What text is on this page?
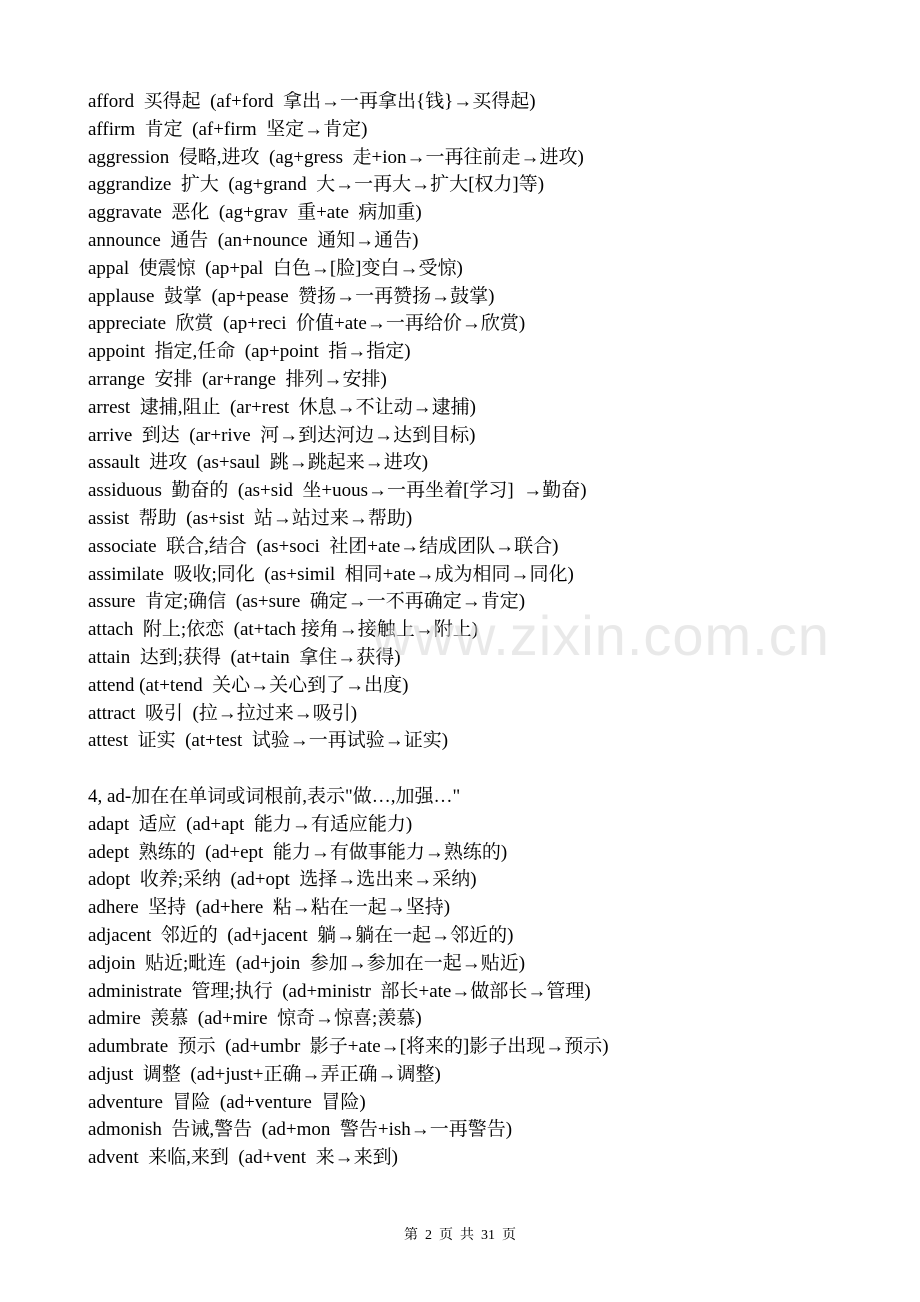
afford  买得起  (af+ford  拿出→一再拿出{钱}→买得起)
affirm  肯定  (af+firm  坚定→肯定)
aggression  侵略,进攻  (ag+gress  走+ion→一再往前走→进攻)
aggrandize  扩大  (ag+grand  大→一再大→扩大[权力]等)
aggravate  恶化  (ag+grav  重+ate  病加重)
announce  通告  (an+nounce  通知→通告)
appal  使震惊  (ap+pal  白色→[脸]变白→受惊)
applause  鼓掌  (ap+pease  赞扬→一再赞扬→鼓掌)
appreciate  欣赏  (ap+reci  价值+ate→一再给价→欣赏)
appoint  指定,任命  (ap+point  指→指定)
arrange  安排  (ar+range  排列→安排)
arrest  逮捕,阻止  (ar+rest  休息→不让动→逮捕)
arrive  到达  (ar+rive  河→到达河边→达到目标)
assault  进攻  (as+saul  跳→跳起来→进攻)
assiduous  勤奋的  (as+sid  坐+uous→一再坐着[学习]  →勤奋)
assist  帮助  (as+sist  站→站过来→帮助)
associate  联合,结合  (as+soci  社团+ate→结成团队→联合)
assimilate  吸收;同化  (as+simil  相同+ate→成为相同→同化)
assure  肯定;确信  (as+sure  确定→一不再确定→肯定)
attach  附上;依恋  (at+tach 接角→接触上→附上)
attain  达到;获得  (at+tain  拿住→获得)
attend (at+tend  关心→关心到了→出度)
attract  吸引  (拉→拉过来→吸引)
attest  证实  (at+test  试验→一再试验→证实)
4, ad-加在在单词或词根前,表示"做…,加强…"
adapt  适应  (ad+apt  能力→有适应能力)
adept  熟练的  (ad+ept  能力→有做事能力→熟练的)
adopt  收养;采纳  (ad+opt  选择→选出来→采纳)
adhere  坚持  (ad+here  粘→粘在一起→坚持)
adjacent  邻近的  (ad+jacent  躺→躺在一起→邻近的)
adjoin  贴近;毗连  (ad+join  参加→参加在一起→贴近)
administrate  管理;执行  (ad+ministr  部长+ate→做部长→管理)
admire  羡慕  (ad+mire  惊奇→惊喜;羡慕)
adumbrate  预示  (ad+umbr  影子+ate→[将来的]影子出现→预示)
adjust  调整  (ad+just+正确→弄正确→调整)
adventure  冒险  (ad+venture  冒险)
admonish  告诫,警告  (ad+mon  警告+ish→一再警告)
advent  来临,来到  (ad+vent  来→来到)
www.zixin.com.cn
第  2  页  共  31  页
